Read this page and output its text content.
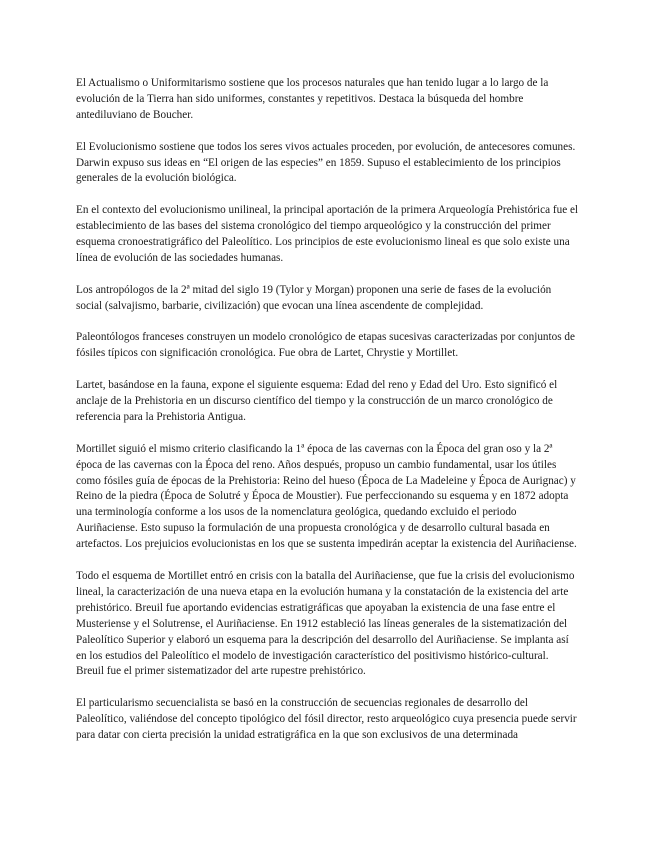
El Actualismo o Uniformitarismo sostiene que los procesos naturales que han tenido lugar a lo largo de la evolución de la Tierra han sido uniformes, constantes y repetitivos. Destaca la búsqueda del hombre antediluviano de Boucher.

El Evolucionismo sostiene que todos los seres vivos actuales proceden, por evolución, de antecesores comunes. Darwin expuso sus ideas en “El origen de las especies” en 1859. Supuso el establecimiento de los principios generales de la evolución biológica.

En el contexto del evolucionismo unilineal, la principal aportación de la primera Arqueología Prehistórica fue el establecimiento de las bases del sistema cronológico del tiempo arqueológico y la construcción del primer esquema cronoestratigráfico del Paleolítico. Los principios de este evolucionismo lineal es que solo existe una línea de evolución de las sociedades humanas.

Los antropólogos de la 2ª mitad del siglo 19 (Tylor y Morgan) proponen una serie de fases de la evolución social (salvajismo, barbarie, civilización) que evocan una línea ascendente de complejidad.

Paleontólogos franceses construyen un modelo cronológico de etapas sucesivas caracterizadas por conjuntos de fósiles típicos con significación cronológica. Fue obra de Lartet, Chrystie y Mortillet.

Lartet, basándose en la fauna, expone el siguiente esquema: Edad del reno y Edad del Uro. Esto significó el anclaje de la Prehistoria en un discurso científico del tiempo y la construcción de un marco cronológico de referencia para la Prehistoria Antigua.

Mortillet siguió el mismo criterio clasificando la 1ª época de las cavernas con la Época del gran oso y la 2ª época de las cavernas con la Época del reno. Años después, propuso un cambio fundamental, usar los útiles como fósiles guía de épocas de la Prehistoria: Reino del hueso (Época de La Madeleine y Época de Aurignac) y Reino de la piedra (Época de Solutré y Época de Moustier). Fue perfeccionando su esquema y en 1872 adopta una terminología conforme a los usos de la nomenclatura geológica, quedando excluido el periodo Auriñaciense. Esto supuso la formulación de una propuesta cronológica y de desarrollo cultural basada en artefactos. Los prejuicios evolucionistas en los que se sustenta impedirán aceptar la existencia del Auriñaciense.

Todo el esquema de Mortillet entró en crisis con la batalla del Auriñaciense, que fue la crisis del evolucionismo lineal, la caracterización de una nueva etapa en la evolución humana y la constatación de la existencia del arte prehistórico. Breuil fue aportando evidencias estratigráficas que apoyaban la existencia de una fase entre el Musteriense y el Solutrense, el Auriñaciense. En 1912 estableció las líneas generales de la sistematización del Paleolítico Superior y elaboró un esquema para la descripción del desarrollo del Auriñaciense. Se implanta así en los estudios del Paleolítico el modelo de investigación característico del positivismo histórico-cultural. Breuil fue el primer sistematizador del arte rupestre prehistórico.

El particularismo secuencialista se basó en la construcción de secuencias regionales de desarrollo del Paleolítico, valiéndose del concepto tipológico del fósil director, resto arqueológico cuya presencia puede servir para datar con cierta precisión la unidad estratigráfica en la que son exclusivos de una determinada
